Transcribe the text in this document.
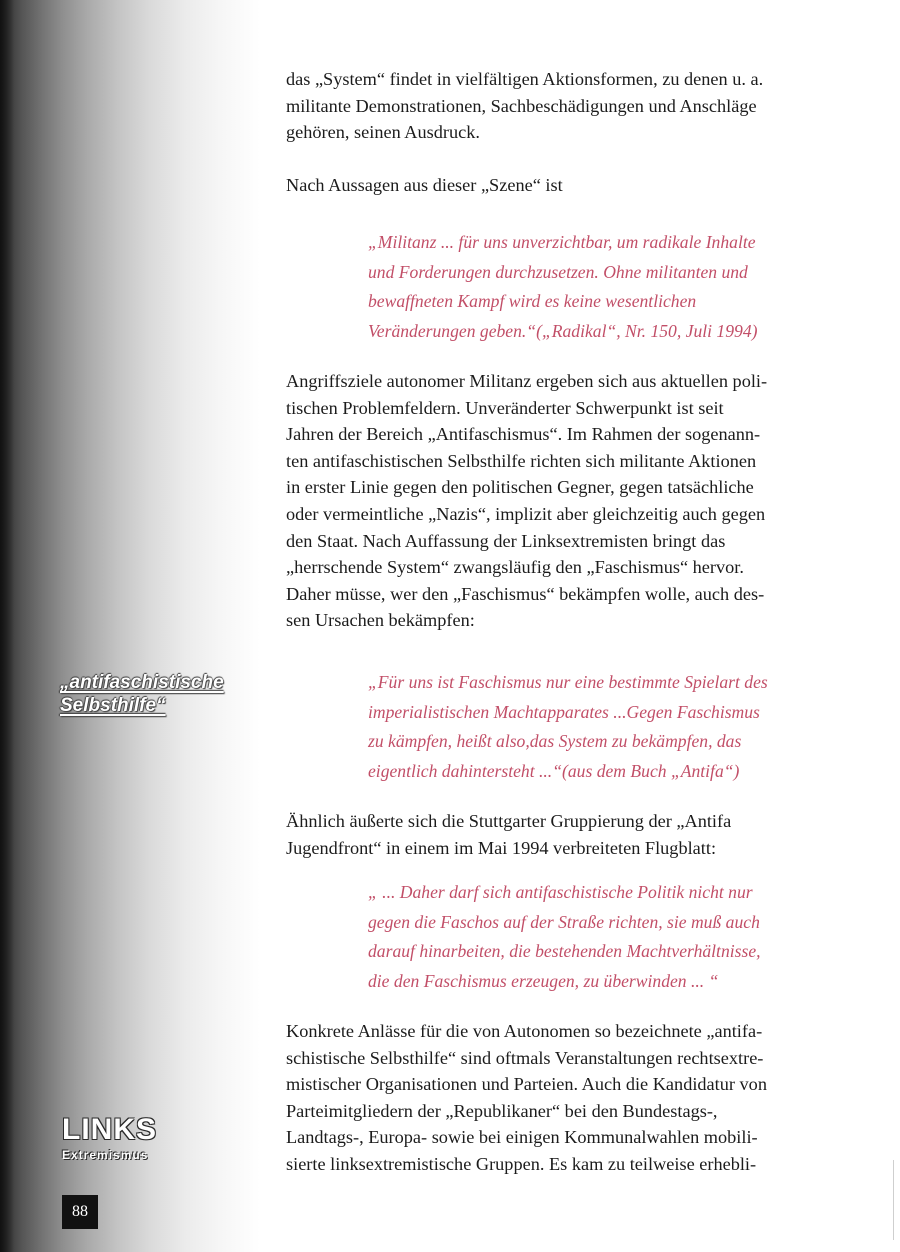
„antifaschistische
Selbsthilfe“
LINKS
Extremismus
88
das „System“ findet in vielfältigen Aktionsformen, zu denen u. a.
militante Demonstrationen, Sachbeschädigungen und Anschläge
gehören, seinen Ausdruck.
Nach Aussagen aus dieser „Szene“ ist
„Militanz ... für uns unverzichtbar, um radikale Inhalte
und Forderungen durchzusetzen. Ohne militanten und
bewaffneten Kampf wird es keine wesentlichen
Veränderungen geben.“(„Radikal“, Nr. 150, Juli 1994)
Angriffsziele autonomer Militanz ergeben sich aus aktuellen poli-
tischen Problemfeldern. Unveränderter Schwerpunkt ist seit
Jahren der Bereich „Antifaschismus“. Im Rahmen der sogenann-
ten antifaschistischen Selbsthilfe richten sich militante Aktionen
in erster Linie gegen den politischen Gegner, gegen tatsächliche
oder vermeintliche „Nazis“, implizit aber gleichzeitig auch gegen
den Staat. Nach Auffassung der Linksextremisten bringt das
„herrschende System“ zwangsläufig den „Faschismus“ hervor.
Daher müsse, wer den „Faschismus“ bekämpfen wolle, auch des-
sen Ursachen bekämpfen:
„Für uns ist Faschismus nur eine bestimmte Spielart des
imperialistischen Machtapparates ...Gegen Faschismus
zu kämpfen, heißt also,das System zu bekämpfen, das
eigentlich dahintersteht ...“(aus dem Buch „Antifa“)
Ähnlich äußerte sich die Stuttgarter Gruppierung der „Antifa
Jugendfront“ in einem im Mai 1994 verbreiteten Flugblatt:
„ ... Daher darf sich antifaschistische Politik nicht nur
gegen die Faschos auf der Straße richten, sie muß auch
darauf hinarbeiten, die bestehenden Machtverhältnisse,
die den Faschismus erzeugen, zu überwinden ... “
Konkrete Anlässe für die von Autonomen so bezeichnete „antifa-
schistische Selbsthilfe“ sind oftmals Veranstaltungen rechtsextre-
mistischer Organisationen und Parteien. Auch die Kandidatur von
Parteimitgliedern der „Republikaner“ bei den Bundestags-,
Landtags-, Europa- sowie bei einigen Kommunalwahlen mobili-
sierte linksextremistische Gruppen. Es kam zu teilweise erhebli-
